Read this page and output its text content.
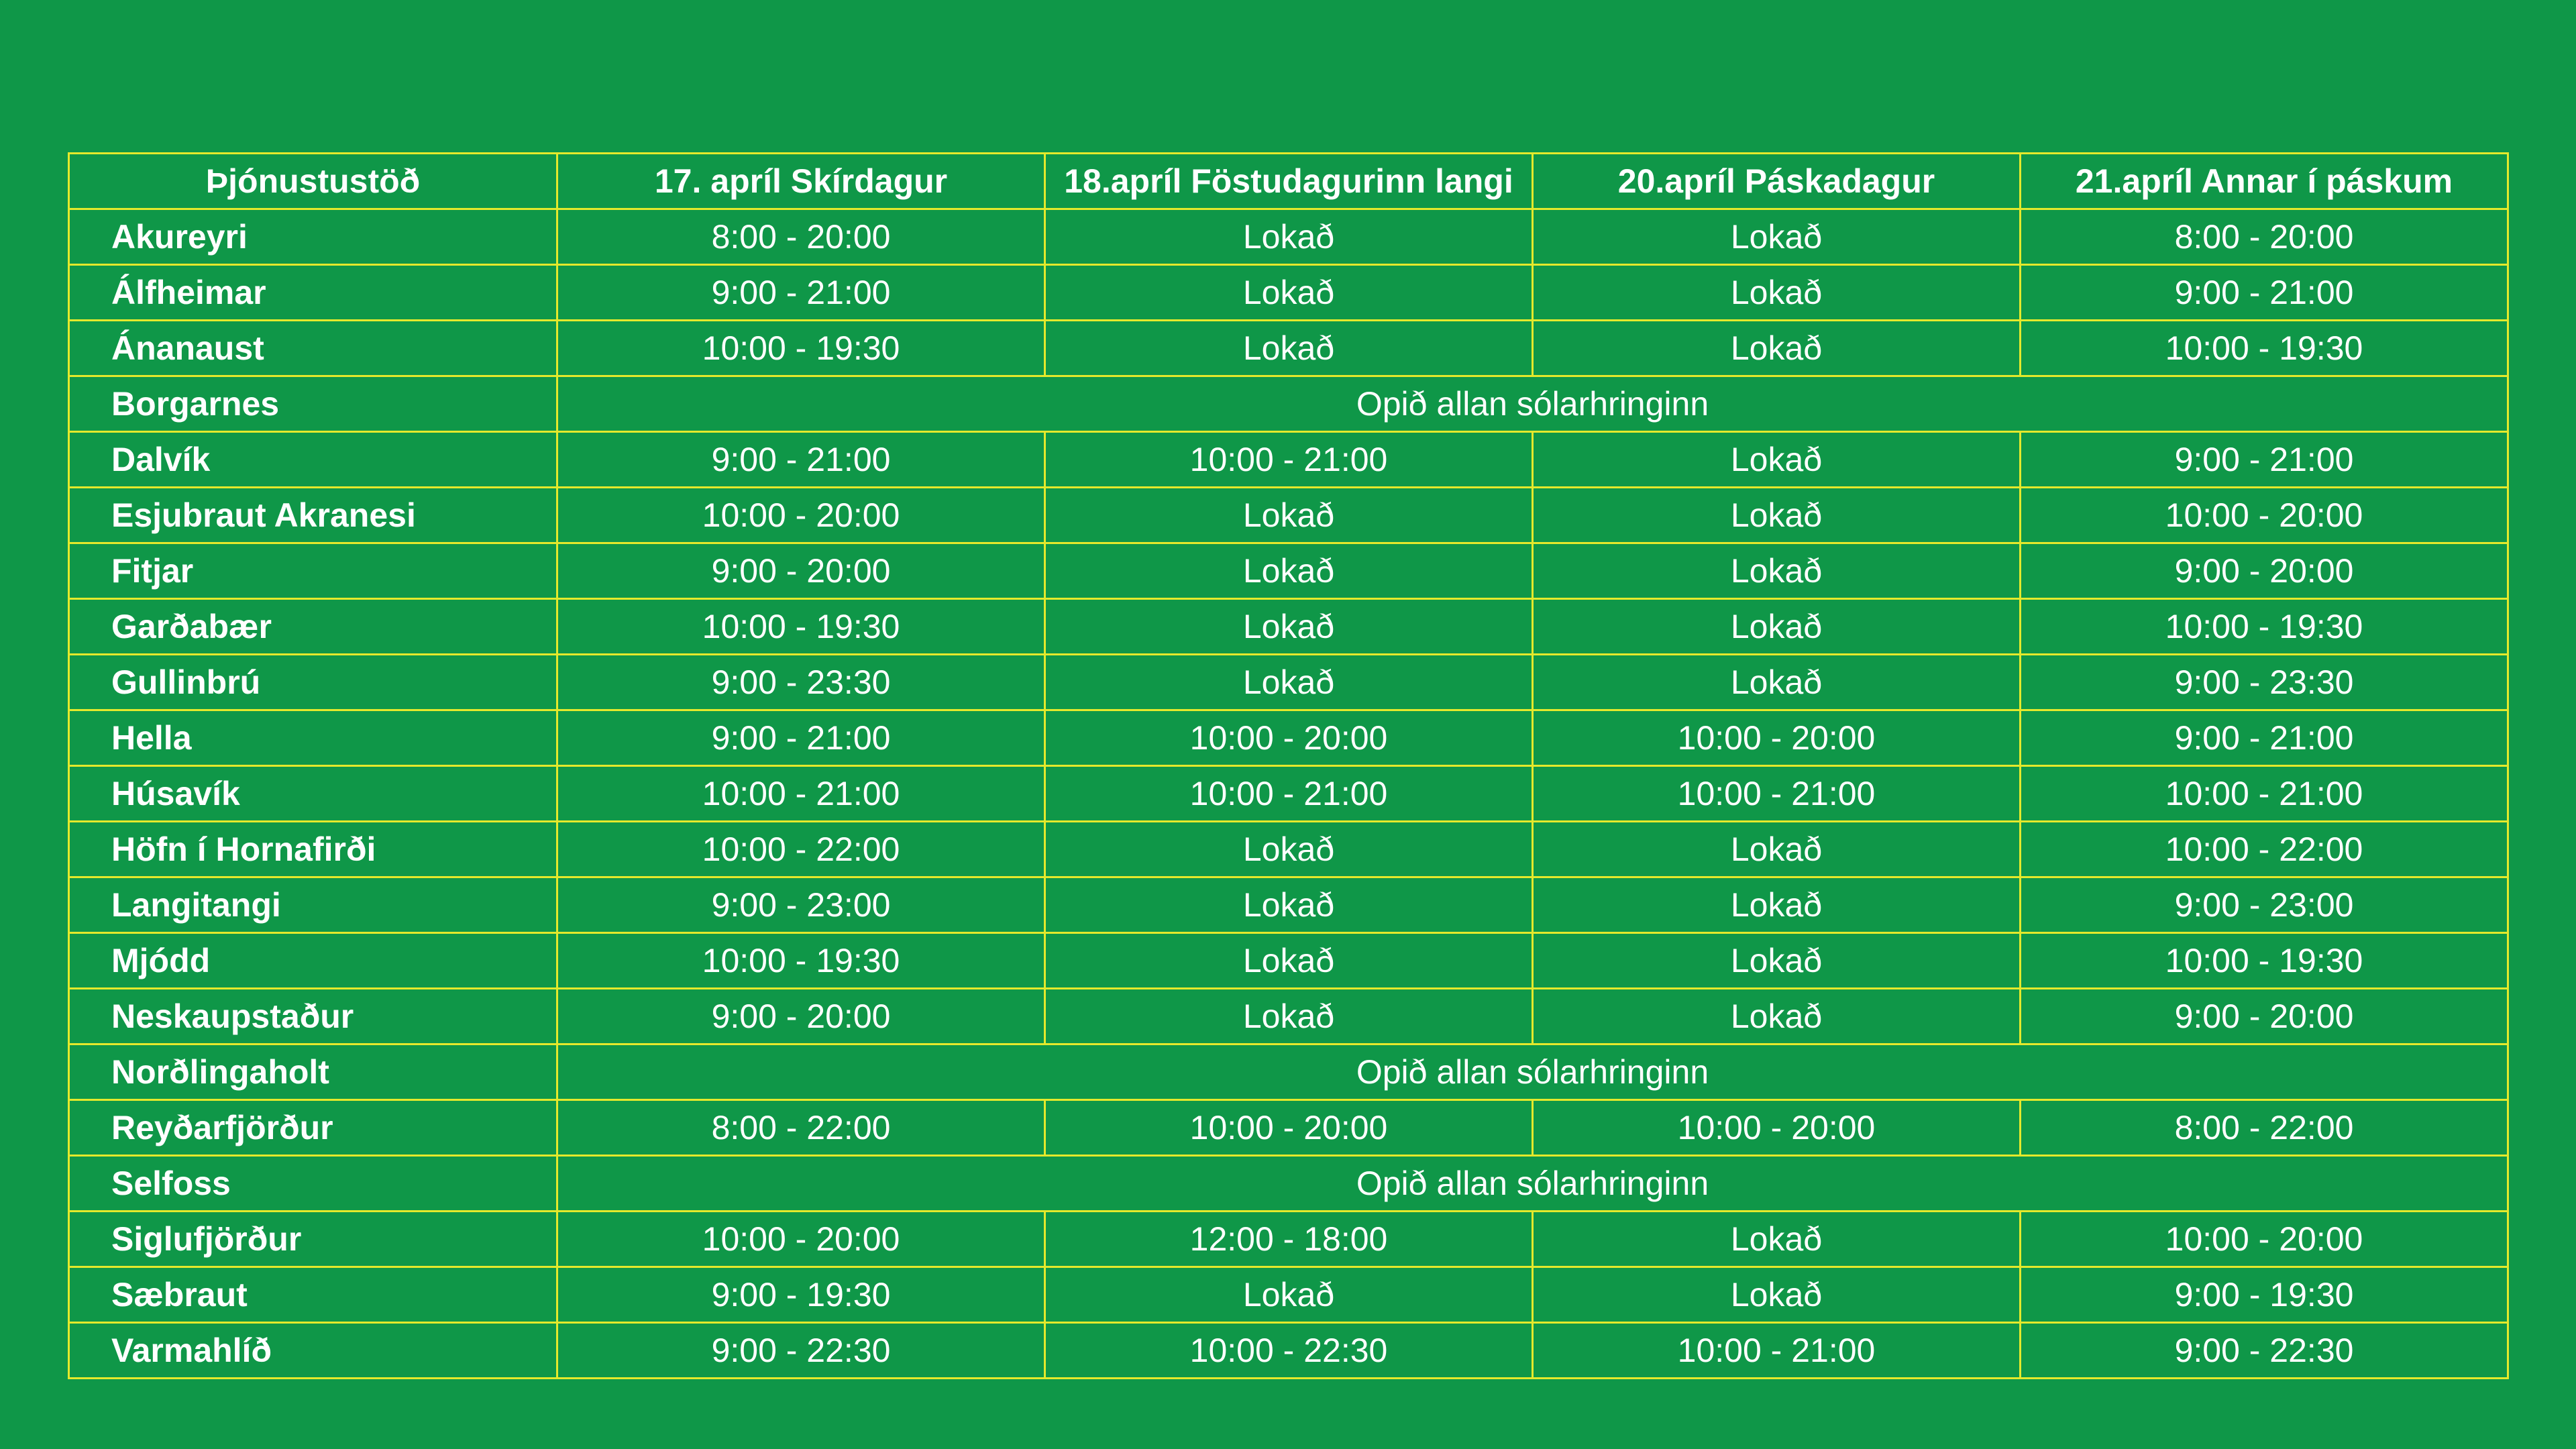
Þjónustustöð	17. apríl Skírdagur	18.apríl Föstudagurinn langi	20.apríl Páskadagur	21.apríl Annar í páskum
Akureyri	8:00 - 20:00	Lokað	Lokað	8:00 - 20:00
Álfheimar	9:00 - 21:00	Lokað	Lokað	9:00 - 21:00
Ánanaust	10:00 - 19:30	Lokað	Lokað	10:00 - 19:30
Borgarnes	Opið allan sólarhringinn			
Dalvík	9:00 - 21:00	10:00 - 21:00	Lokað	9:00 - 21:00
Esjubraut Akranesi	10:00 - 20:00	Lokað	Lokað	10:00 - 20:00
Fitjar	9:00 - 20:00	Lokað	Lokað	9:00 - 20:00
Garðabær	10:00 - 19:30	Lokað	Lokað	10:00 - 19:30
Gullinbrú	9:00 - 23:30	Lokað	Lokað	9:00 - 23:30
Hella	9:00 - 21:00	10:00 - 20:00	10:00 - 20:00	9:00 - 21:00
Húsavík	10:00 - 21:00	10:00 - 21:00	10:00 - 21:00	10:00 - 21:00
Höfn í Hornafirði	10:00 - 22:00	Lokað	Lokað	10:00 - 22:00
Langitangi	9:00 - 23:00	Lokað	Lokað	9:00 - 23:00
Mjódd	10:00 - 19:30	Lokað	Lokað	10:00 - 19:30
Neskaupstaður	9:00 - 20:00	Lokað	Lokað	9:00 - 20:00
Norðlingaholt	Opið allan sólarhringinn			
Reyðarfjörður	8:00 - 22:00	10:00 - 20:00	10:00 - 20:00	8:00 - 22:00
Selfoss	Opið allan sólarhringinn			
Siglufjörður	10:00 - 20:00	12:00 - 18:00	Lokað	10:00 - 20:00
Sæbraut	9:00 - 19:30	Lokað	Lokað	9:00 - 19:30
Varmahlíð	9:00 - 22:30	10:00 - 22:30	10:00 - 21:00	9:00 - 22:30
